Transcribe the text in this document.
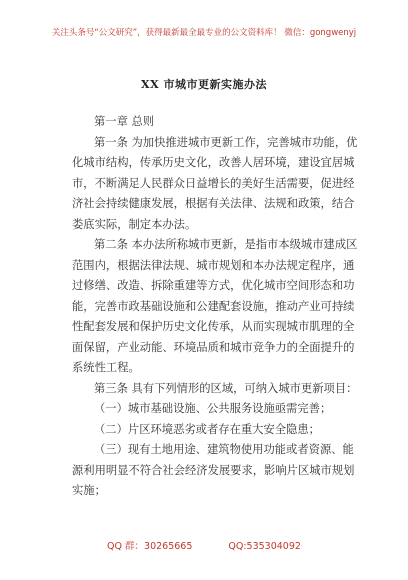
关注头条号“公文研究”，获得最新最全最专业的公文资料库！ 微信：gongwenyj
XX 市城市更新实施办法
第一章 总则
第一条 为加快推进城市更新工作，完善城市功能，优
化城市结构，传承历史文化，改善人居环境，建设宜居城
市，不断满足人民群众日益增长的美好生活需要，促进经
济社会持续健康发展，根据有关法律、法规和政策，结合
娄底实际，制定本办法。
第二条 本办法所称城市更新，是指市本级城市建成区
范围内，根据法律法规、城市规划和本办法规定程序，通
过修缮、改造、拆除重建等方式，优化城市空间形态和功
能，完善市政基础设施和公建配套设施，推动产业可持续
性配套发展和保护历史文化传承，从而实现城市肌理的全
面保留，产业动能、环境品质和城市竞争力的全面提升的
系统性工程。
第三条 具有下列情形的区域，可纳入城市更新项目：
（一）城市基础设施、公共服务设施亟需完善；
（二）片区环境恶劣或者存在重大安全隐患；
（三）现有土地用途、建筑物使用功能或者资源、能
源利用明显不符合社会经济发展要求，影响片区城市规划
实施；
QQ 群：30265665	QQ:535304092
